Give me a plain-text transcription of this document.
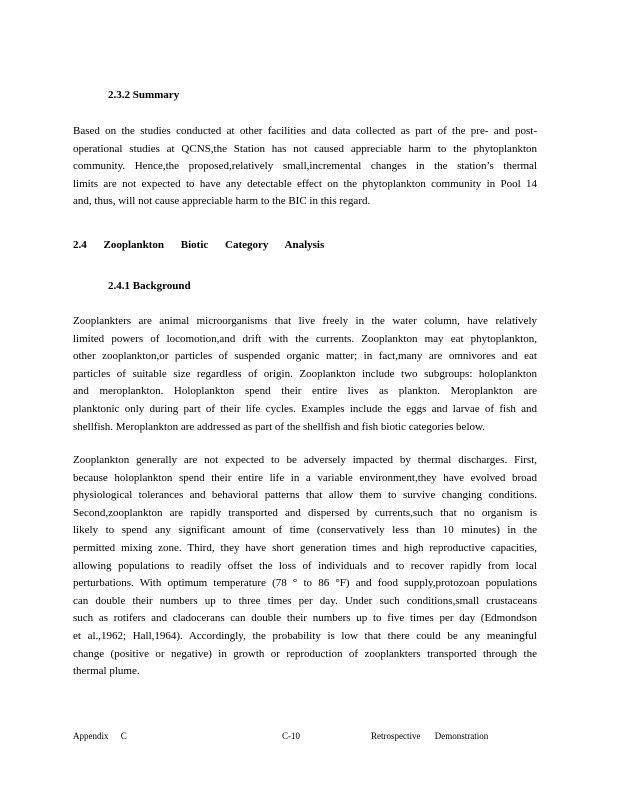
2.3.2 Summary
Based on the studies conducted at other facilities and data collected as part of the pre- and post-
operational studies at QCNS,the Station has not caused appreciable harm to the phytoplankton
community. Hence,the proposed,relatively small,incremental changes in the station’s thermal
limits are not expected to have any detectable effect on the phytoplankton community in Pool 14
and, thus, will not cause appreciable harm to the BIC in this regard.
2.4 Zooplankton Biotic Category Analysis
2.4.1 Background
Zooplankters are animal microorganisms that live freely in the water column, have relatively
limited powers of locomotion,and drift with the currents. Zooplankton may eat phytoplankton,
other zooplankton,or particles of suspended organic matter; in fact,many are omnivores and eat
particles of suitable size regardless of origin. Zooplankton include two subgroups: holoplankton
and meroplankton. Holoplankton spend their entire lives as plankton. Meroplankton are
planktonic only during part of their life cycles. Examples include the eggs and larvae of fish and
shellfish. Meroplankton are addressed as part of the shellfish and fish biotic categories below.
Zooplankton generally are not expected to be adversely impacted by thermal discharges. First,
because holoplankton spend their entire life in a variable environment,they have evolved broad
physiological tolerances and behavioral patterns that allow them to survive changing conditions.
Second,zooplankton are rapidly transported and dispersed by currents,such that no organism is
likely to spend any significant amount of time (conservatively less than 10 minutes) in the
permitted mixing zone. Third, they have short generation times and high reproductive capacities,
allowing populations to readily offset the loss of individuals and to recover rapidly from local
perturbations. With optimum temperature (78 ° to 86 °F) and food supply,protozoan populations
can double their numbers up to three times per day. Under such conditions,small crustaceans
such as rotifers and cladocerans can double their numbers up to five times per day (Edmondson
et al.,1962; Hall,1964). Accordingly, the probability is low that there could be any meaningful
change (positive or negative) in growth or reproduction of zooplankters transported through the
thermal plume.
Appendix C	C-10	Retrospective Demonstration
